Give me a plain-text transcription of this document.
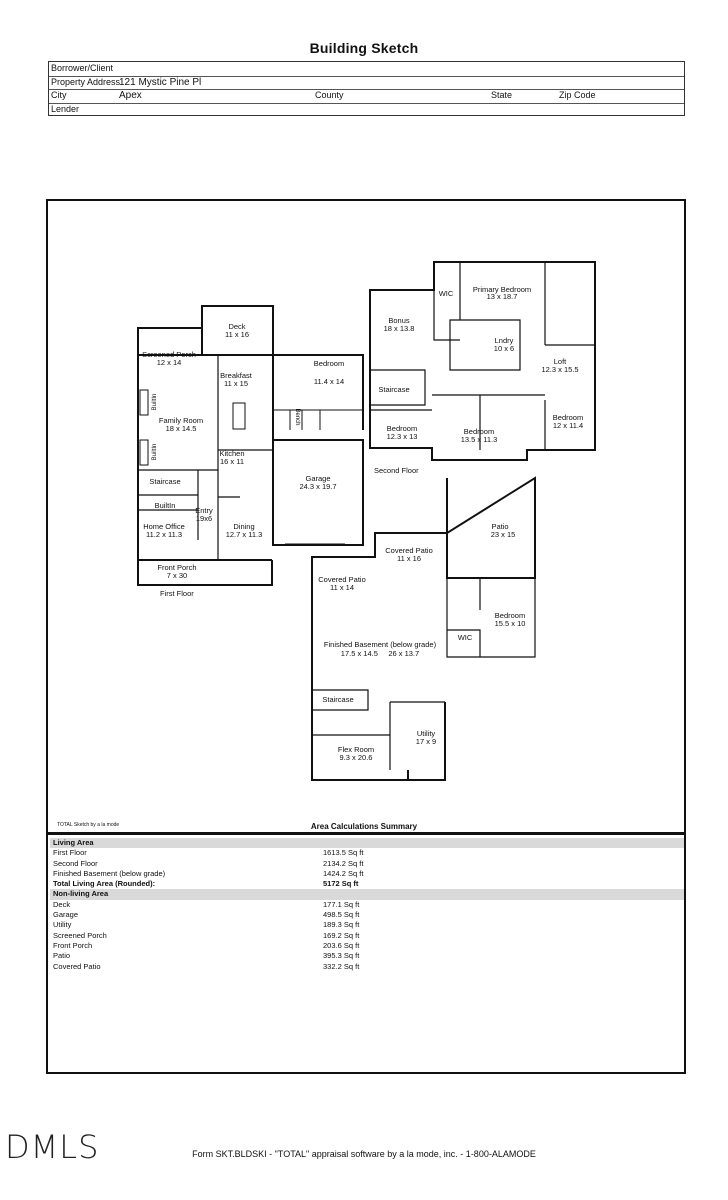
Building Sketch
Borrower/Client
Property Address
121 Mystic Pine Pl
City	Apex	County	State	Zip Code
Lender
Deck
11 x 16
Screened Porch
12 x 14
Breakfast
11 x 15
Bedroom
11.4 x 14
Family Room
18 x 14.5
Kitchen
16 x 11
Garage
24.3 x 19.7
Entry
19x6
Home Office
11.2 x 11.3
Dining
12.7 x 11.3
Front Porch
7 x 30
Staircase
BuiltIn
BuiltIn
BuiltIn
Bench
First Floor
WIC	Primary Bedroom
13 x 18.7
Bonus
18 x 13.8
Lndry
10 x 6
Loft
12.3 x 15.5
Staircase
Bedroom
12.3 x 13
Bedroom
13.5 x 11.3
Bedroom
12 x 11.4
Second Floor
Patio
23 x 15
Covered Patio
11 x 16
Covered Patio
11 x 14
Bedroom
15.5 x 10
WIC
Finished Basement (below grade)
17.5 x 14.5     26 x 13.7
Staircase
Utility
17 x 9
Flex Room
9.3 x 20.6
TOTAL Sketch by a la mode	Area Calculations Summary
Living Area
First Floor	1613.5 Sq ft
Second Floor	2134.2 Sq ft
Finished Basement (below grade)	1424.2 Sq ft
Total Living Area (Rounded):	5172 Sq ft
Non-living Area
Deck	177.1 Sq ft
Garage	498.5 Sq ft
Utility	189.3 Sq ft
Screened Porch	169.2 Sq ft
Front Porch	203.6 Sq ft
Patio	395.3 Sq ft
Covered Patio	332.2 Sq ft
DMLS	Form SKT.BLDSKI - "TOTAL" appraisal software by a la mode, inc. - 1-800-ALAMODE
